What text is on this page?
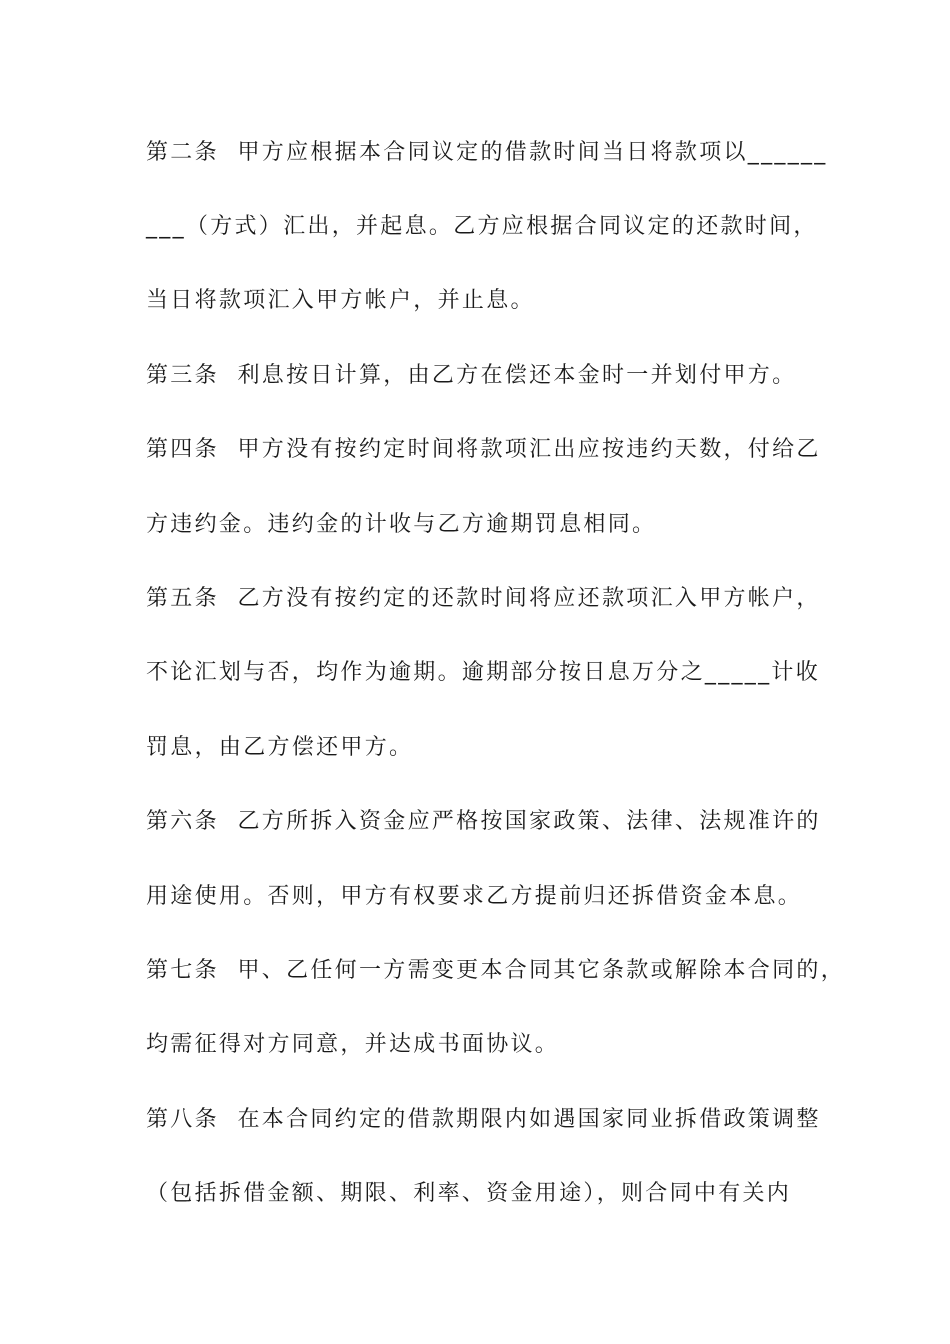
第二条  甲方应根据本合同议定的借款时间当日将款项以______
___（方式）汇出，并起息。乙方应根据合同议定的还款时间，
当日将款项汇入甲方帐户，并止息。
第三条  利息按日计算，由乙方在偿还本金时一并划付甲方。
第四条  甲方没有按约定时间将款项汇出应按违约天数，付给乙
方违约金。违约金的计收与乙方逾期罚息相同。
第五条  乙方没有按约定的还款时间将应还款项汇入甲方帐户，
不论汇划与否，均作为逾期。逾期部分按日息万分之_____计收
罚息，由乙方偿还甲方。
第六条  乙方所拆入资金应严格按国家政策、法律、法规准许的
用途使用。否则，甲方有权要求乙方提前归还拆借资金本息。
第七条  甲、乙任何一方需变更本合同其它条款或解除本合同的，
均需征得对方同意，并达成书面协议。
第八条  在本合同约定的借款期限内如遇国家同业拆借政策调整
（包括拆借金额、期限、利率、资金用途），则合同中有关内
